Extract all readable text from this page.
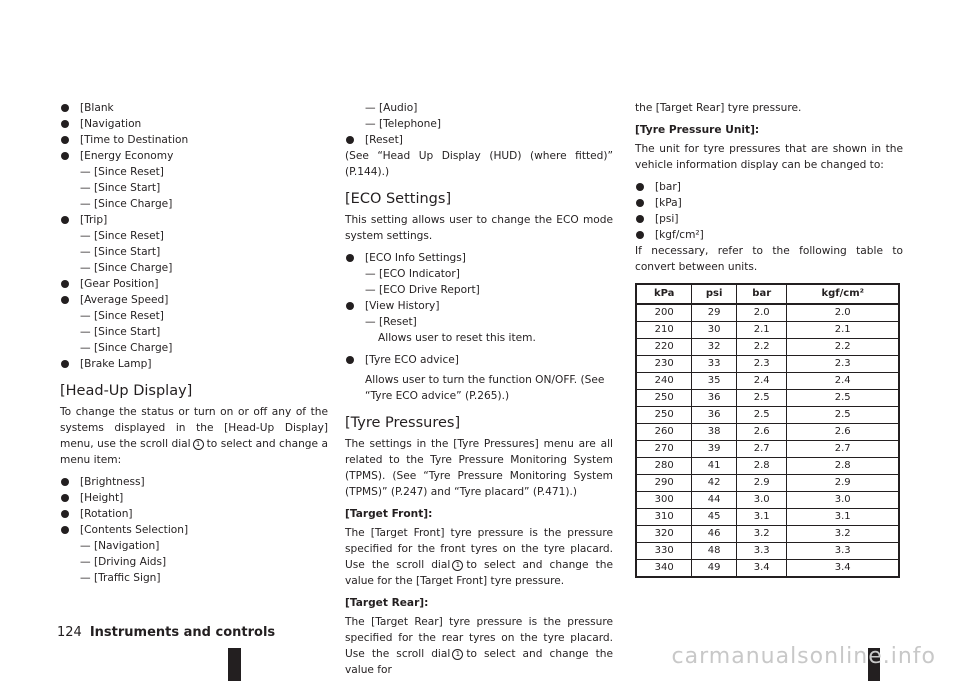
[Blank
[Navigation
[Time to Destination
[Energy Economy
— [Since Reset]
— [Since Start]
— [Since Charge]
[Trip]
— [Since Reset]
— [Since Start]
— [Since Charge]
[Gear Position]
[Average Speed]
— [Since Reset]
— [Since Start]
— [Since Charge]
[Brake Lamp]
[Head-Up Display]

To change the status or turn on or off any of the systems displayed in the [Head-Up Display] menu, use the scroll dial 1 to select and change a menu item:

[Brightness]
[Height]
[Rotation]
[Contents Selection]
— [Navigation]
— [Driving Aids]
— [Traffic Sign]
— [Audio]
— [Telephone]
[Reset]

(See “Head Up Display (HUD) (where fitted)” (P.144).)

[ECO Settings]

This setting allows user to change the ECO mode system settings.

[ECO Info Settings]
— [ECO Indicator]
— [ECO Drive Report]
[View History]
— [Reset]
Allows user to reset this item.
[Tyre ECO advice]
Allows user to turn the function ON/OFF. (See “Tyre ECO advice” (P.265).)
[Tyre Pressures]

The settings in the [Tyre Pressures] menu are all related to the Tyre Pressure Monitoring System (TPMS). (See “Tyre Pressure Monitoring System (TPMS)” (P.247) and “Tyre placard” (P.471).)

[Target Front]:

The [Target Front] tyre pressure is the pressure specified for the front tyres on the tyre placard. Use the scroll dial 1 to select and change the value for the [Target Front] tyre pressure.

[Target Rear]:

The [Target Rear] tyre pressure is the pressure specified for the rear tyres on the tyre placard. Use the scroll dial 1 to select and change the value for

the [Target Rear] tyre pressure.

[Tyre Pressure Unit]:

The unit for tyre pressures that are shown in the vehicle information display can be changed to:

[bar]
[kPa]
[psi]
[kgf/cm²]

If necessary, refer to the following table to convert between units.

kPa	psi	bar	kgf/cm²
200	29	2.0	2.0
210	30	2.1	2.1
220	32	2.2	2.2
230	33	2.3	2.3
240	35	2.4	2.4
250	36	2.5	2.5
250	36	2.5	2.5
260	38	2.6	2.6
270	39	2.7	2.7
280	41	2.8	2.8
290	42	2.9	2.9
300	44	3.0	3.0
310	45	3.1	3.1
320	46	3.2	3.2
330	48	3.3	3.3
340	49	3.4	3.4
124 Instruments and controls
carmanualsonline.info
